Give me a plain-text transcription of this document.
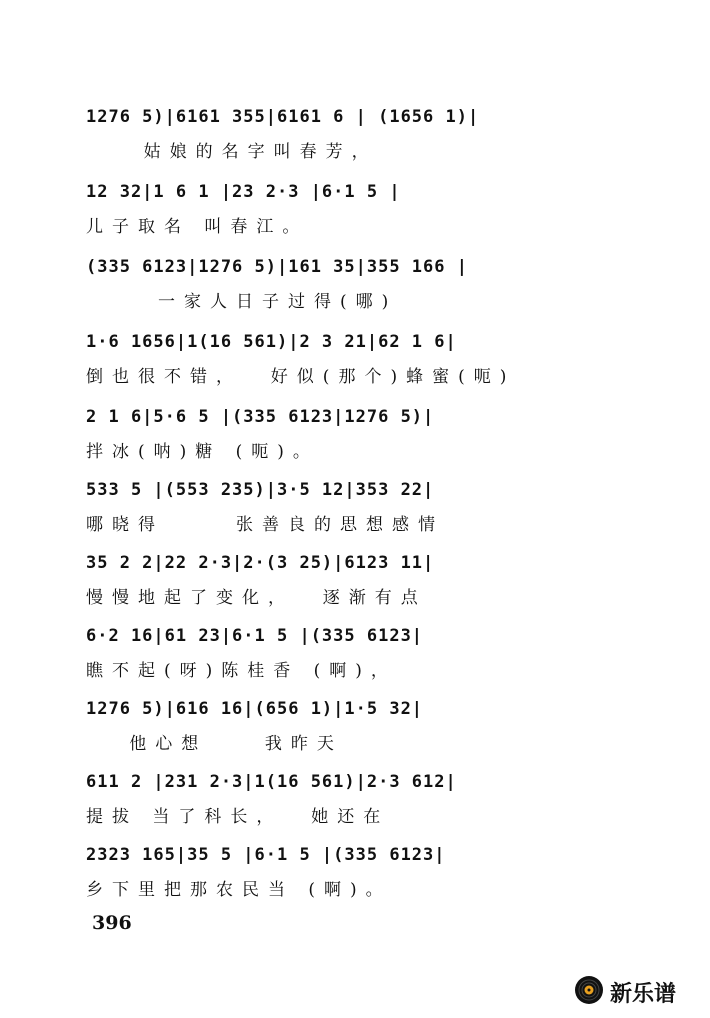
1276 5)|6161 355|6161 6 | (1656 1)|
姑娘的名字叫春芳，
12 32|1 6 1 |23 2·3 |6·1 5 |
儿子取名 叫春江。
(335 6123|1276 5)|161 35|355 166 |
一家人日子过得(哪)
1·6 1656|1(16 561)|2 3 21|62 1 6|
倒也很不错，  好似(那个)蜂蜜(呃)
2 1 6|5·6 5 |(335 6123|1276 5)|
拌冰(呐)糖 (呃)。
533 5 |(553 235)|3·5 12|353 22|
哪晓得     张善良的思想感情
35 2 2|22 2·3|2·(3 25)|6123 11|
慢慢地起了变化，  逐渐有点
6·2 16|61 23|6·1 5 |(335 6123|
瞧不起(呀)陈桂香 (啊)，
1276 5)|616 16|(656 1)|1·5 32|
他心想    我昨天
611 2 |231 2·3|1(16 561)|2·3 612|
提拔 当了科长，  她还在
2323 165|35 5 |6·1 5 |(335 6123|
乡下里把那农民当 (啊)。
396
新乐谱
